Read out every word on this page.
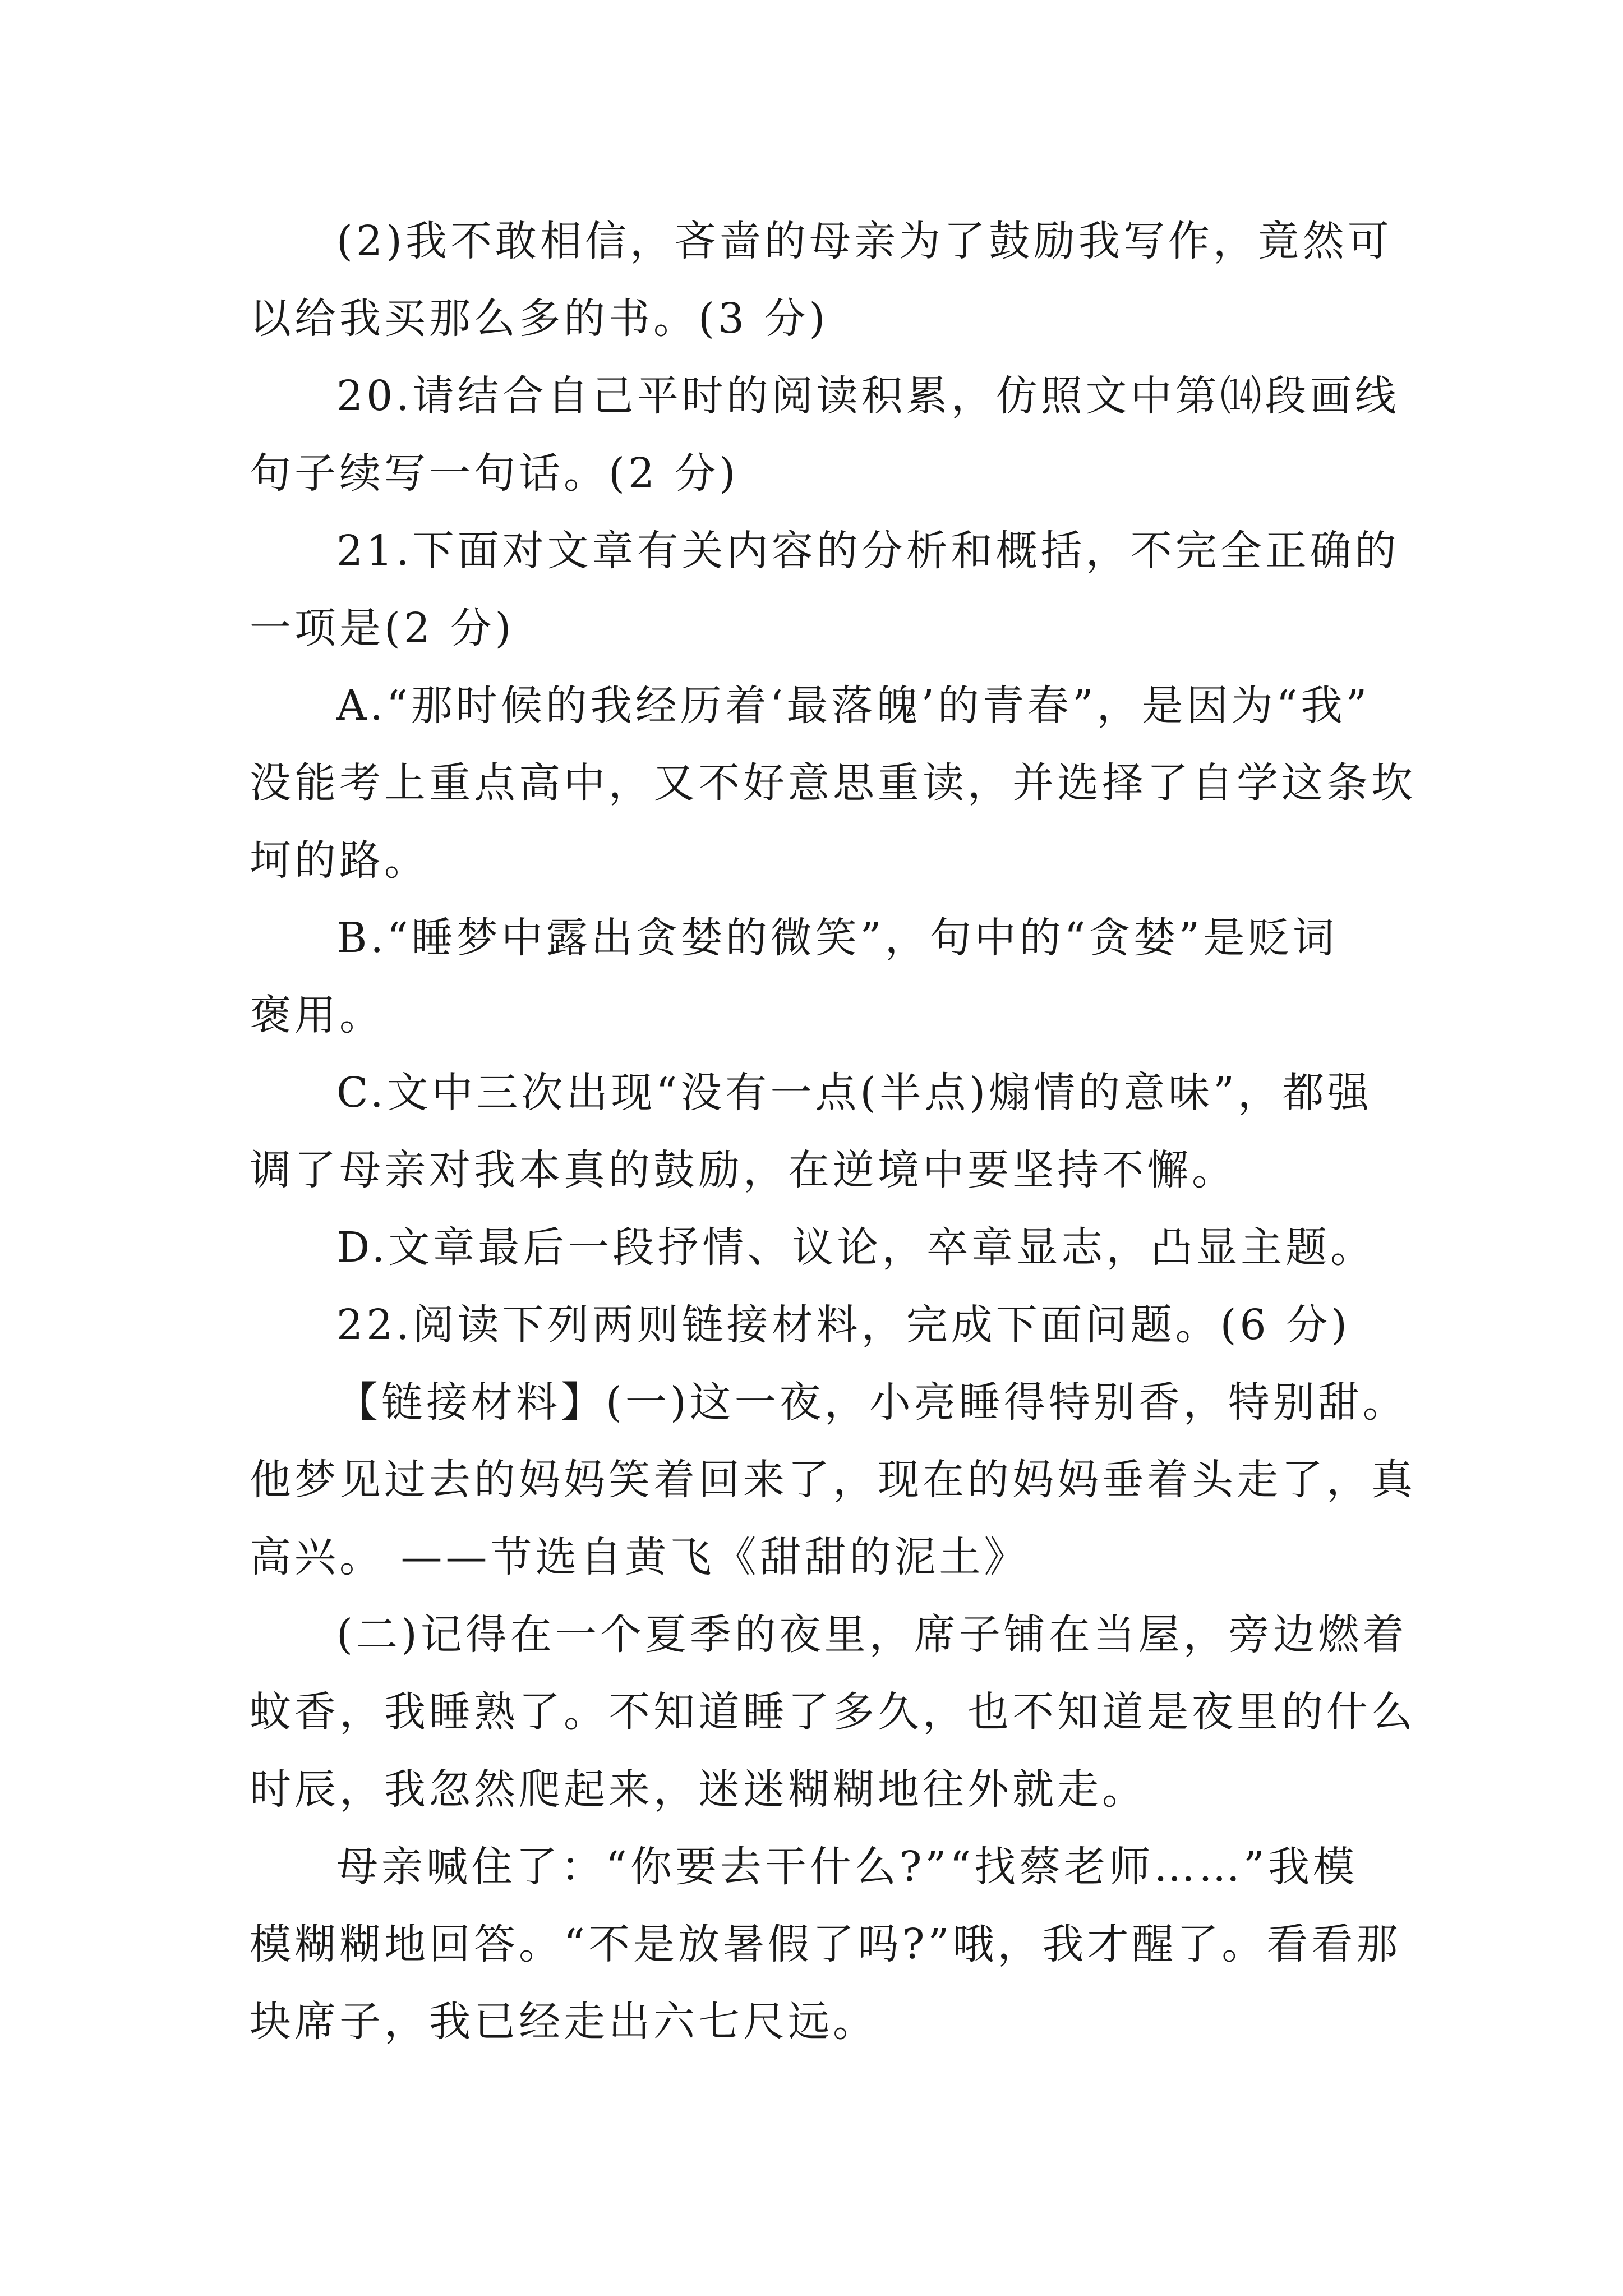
(2)我不敢相信，吝啬的母亲为了鼓励我写作，竟然可
以给我买那么多的书。(3 分)
20.请结合自己平时的阅读积累，仿照文中第⒁段画线
句子续写一句话。(2 分)
21.下面对文章有关内容的分析和概括，不完全正确的
一项是(2 分)
A.“那时候的我经历着‘最落魄’的青春”，是因为“我”
没能考上重点高中，又不好意思重读，并选择了自学这条坎
坷的路。
B.“睡梦中露出贪婪的微笑”，句中的“贪婪”是贬词
褒用。
C.文中三次出现“没有一点(半点)煽情的意味”，都强
调了母亲对我本真的鼓励，在逆境中要坚持不懈。
D.文章最后一段抒情、议论，卒章显志，凸显主题。
22.阅读下列两则链接材料，完成下面问题。(6 分)
【链接材料】(一)这一夜，小亮睡得特别香，特别甜。
他梦见过去的妈妈笑着回来了，现在的妈妈垂着头走了，真
高兴。 ——节选自黄飞《甜甜的泥土》
(二)记得在一个夏季的夜里，席子铺在当屋，旁边燃着
蚊香，我睡熟了。不知道睡了多久，也不知道是夜里的什么
时辰，我忽然爬起来，迷迷糊糊地往外就走。
母亲喊住了：“你要去干什么?”“找蔡老师……”我模
模糊糊地回答。“不是放暑假了吗?”哦，我才醒了。看看那
块席子，我已经走出六七尺远。
